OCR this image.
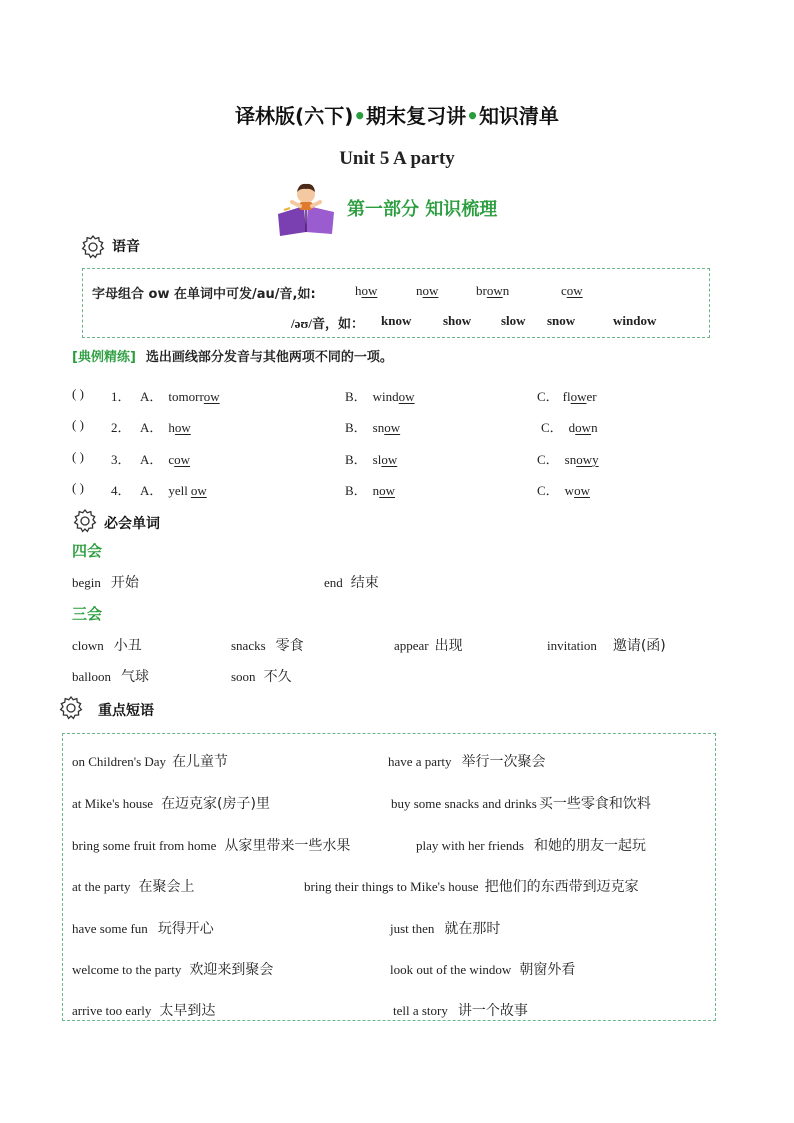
译林版(六下)•期末复习讲•知识清单
Unit 5 A party
第一部分 知识梳理
语音
字母组合 ow 在单词中可发/au/音,如:	how	now	brown	cow
/əʊ/音，如： know show slow snow	window
[典例精练] 选出画线部分发音与其他两项不同的一项。
( ) 1． A． tomorrow	B． window	C． flower
( ) 2． A． how	B． snow	C． down
( ) 3． A． cow	B． slow	C． snowy
( ) 4． A． yell ow	B． now	C． wow
必会单词
四会
begin 开始	end 结束
三会
clown 小丑	snacks 零食	appear 出现	invitation 邀请(函)
balloon 气球	soon 不久
重点短语
on Children's Day 在儿童节	have a party 举行一次聚会
at Mike's house 在迈克家(房子)里	buy some snacks and drinks 买一些零食和饮料
bring some fruit from home 从家里带来一些水果	play with her friends 和她的朋友一起玩
at the party 在聚会上	bring their things to Mike's house 把他们的东西带到迈克家
have some fun 玩得开心	just then 就在那时
welcome to the party 欢迎来到聚会	look out of the window 朝窗外看
arrive too early 太早到达	tell a story 讲一个故事
